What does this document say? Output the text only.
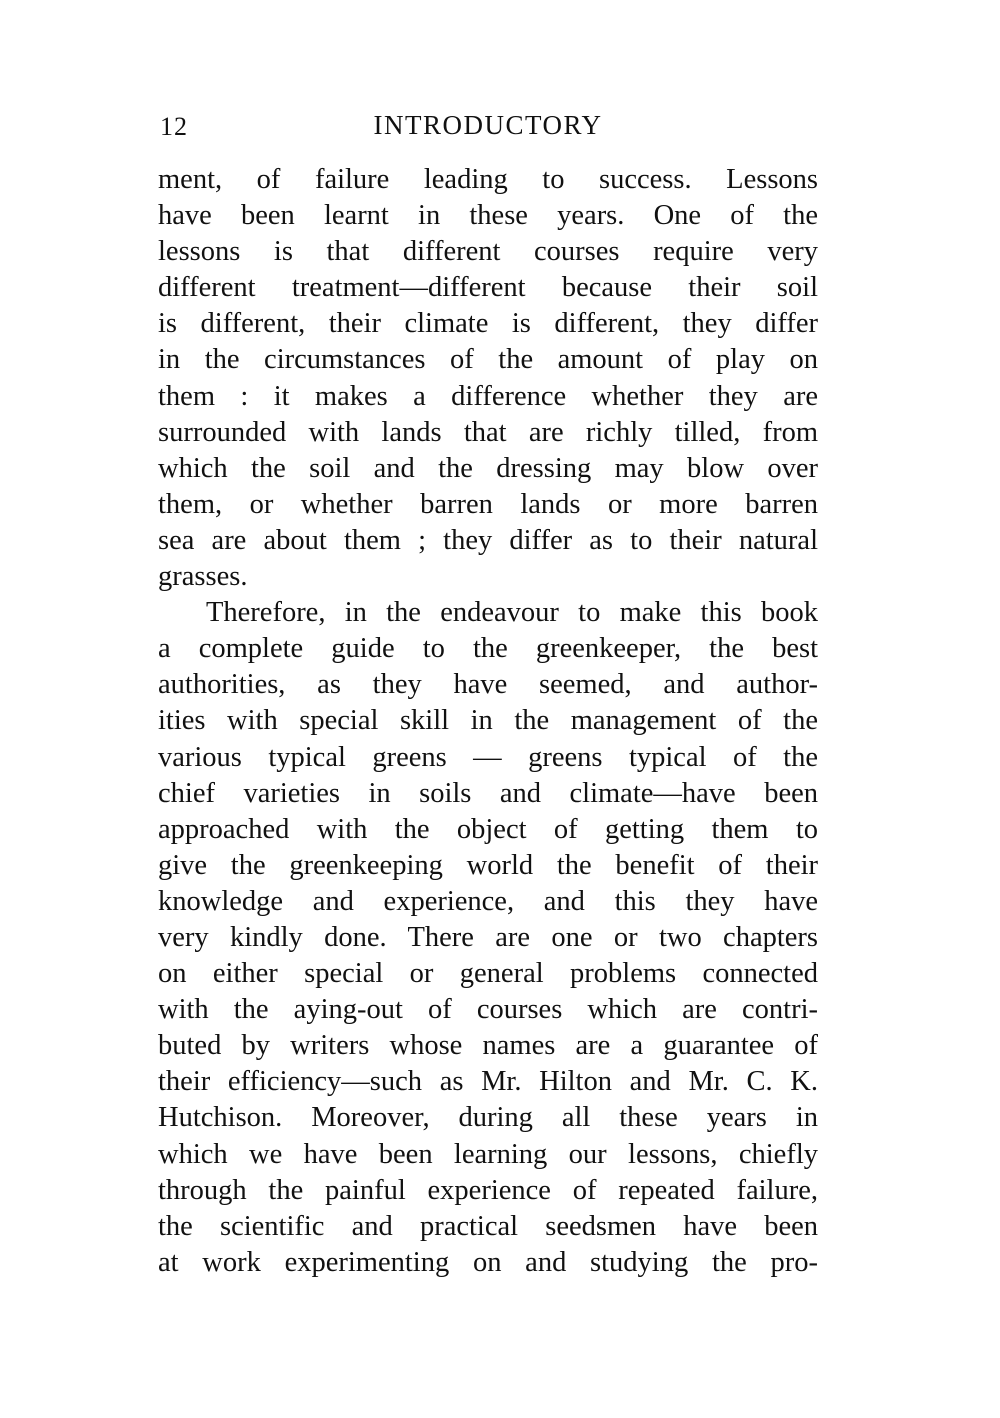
12	INTRODUCTORY
ment, of failure leading to success. Lessons
have been learnt in these years. One of the
lessons is that different courses require very
different treatment—different because their soil
is different, their climate is different, they differ
in the circumstances of the amount of play on
them : it makes a difference whether they are
surrounded with lands that are richly tilled, from
which the soil and the dressing may blow over
them, or whether barren lands or more barren
sea are about them ; they differ as to their natural
grasses.
Therefore, in the endeavour to make this book
a complete guide to the greenkeeper, the best
authorities, as they have seemed, and author-
ities with special skill in the management of the
various typical greens — greens typical of the
chief varieties in soils and climate—have been
approached with the object of getting them to
give the greenkeeping world the benefit of their
knowledge and experience, and this they have
very kindly done. There are one or two chapters
on either special or general problems connected
with the aying-out of courses which are contri-
buted by writers whose names are a guarantee of
their efficiency—such as Mr. Hilton and Mr. C. K.
Hutchison. Moreover, during all these years in
which we have been learning our lessons, chiefly
through the painful experience of repeated failure,
the scientific and practical seedsmen have been
at work experimenting on and studying the pro-
